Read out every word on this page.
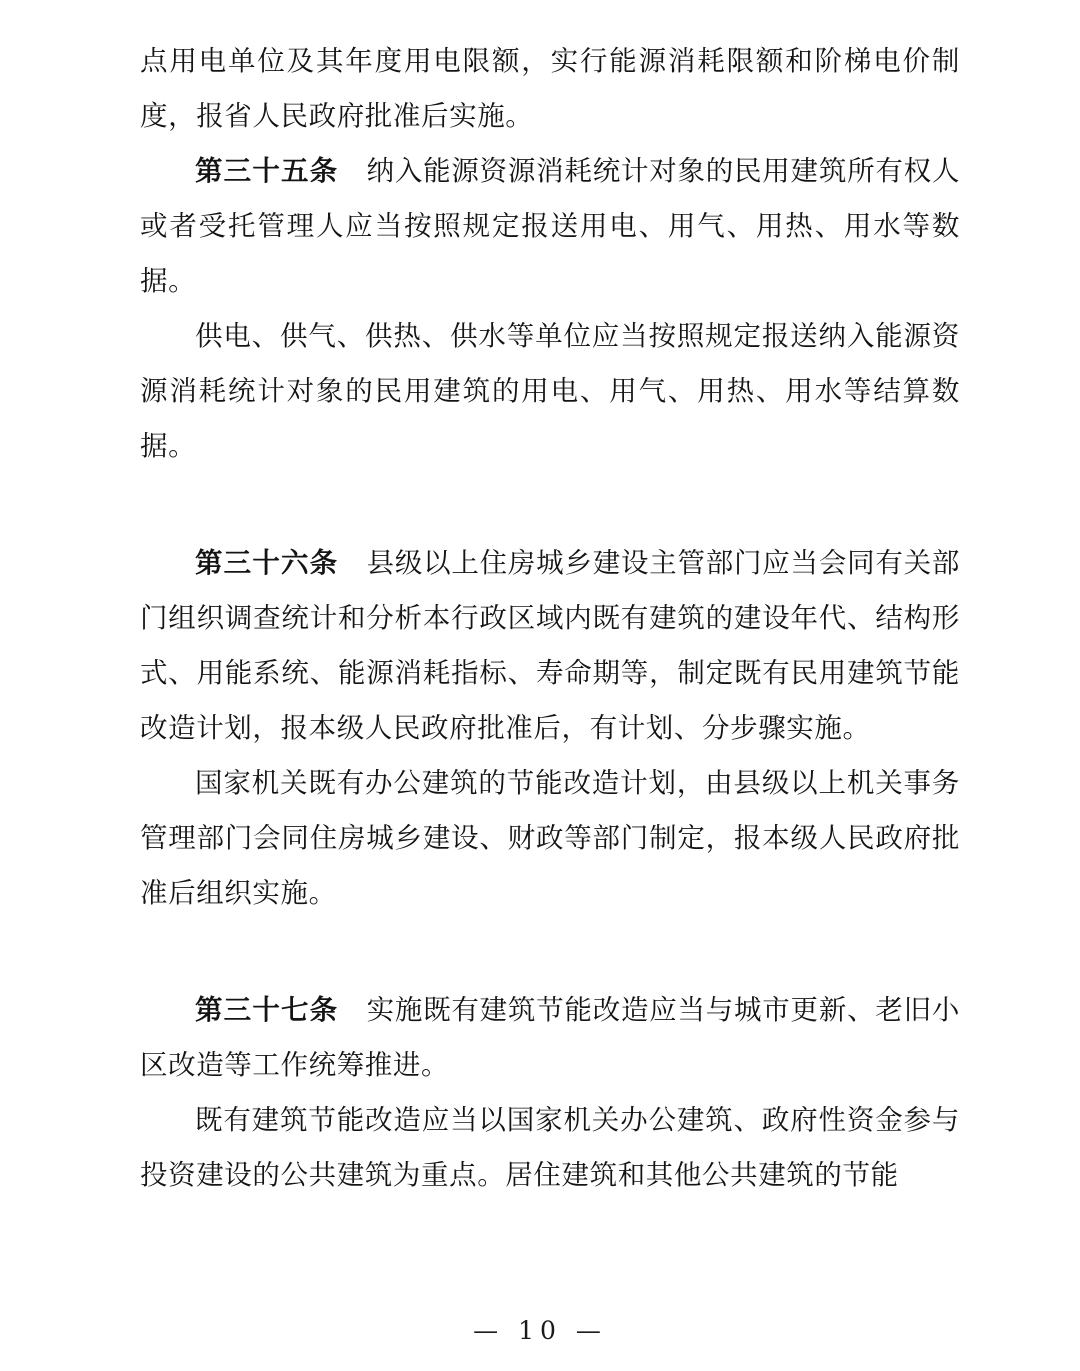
点用电单位及其年度用电限额，实行能源消耗限额和阶梯电价制度，报省人民政府批准后实施。

第三十五条　 纳入能源资源消耗统计对象的民用建筑所有权人或者受托管理人应当按照规定报送用电、用气、用热、用水等数据。

供电、供气、供热、供水等单位应当按照规定报送纳入能源资源消耗统计对象的民用建筑的用电、用气、用热、用水等结算数据。

第三十六条　 县级以上住房城乡建设主管部门应当会同有关部门组织调查统计和分析本行政区域内既有建筑的建设年代、结构形式、用能系统、能源消耗指标、寿命期等，制定既有民用建筑节能改造计划，报本级人民政府批准后，有计划、分步骤实施。

国家机关既有办公建筑的节能改造计划，由县级以上机关事务管理部门会同住房城乡建设、财政等部门制定，报本级人民政府批准后组织实施。

第三十七条　 实施既有建筑节能改造应当与城市更新、老旧小区改造等工作统筹推进。

既有建筑节能改造应当以国家机关办公建筑、政府性资金参与投资建设的公共建筑为重点。居住建筑和其他公共建筑的节能

— 10 —
